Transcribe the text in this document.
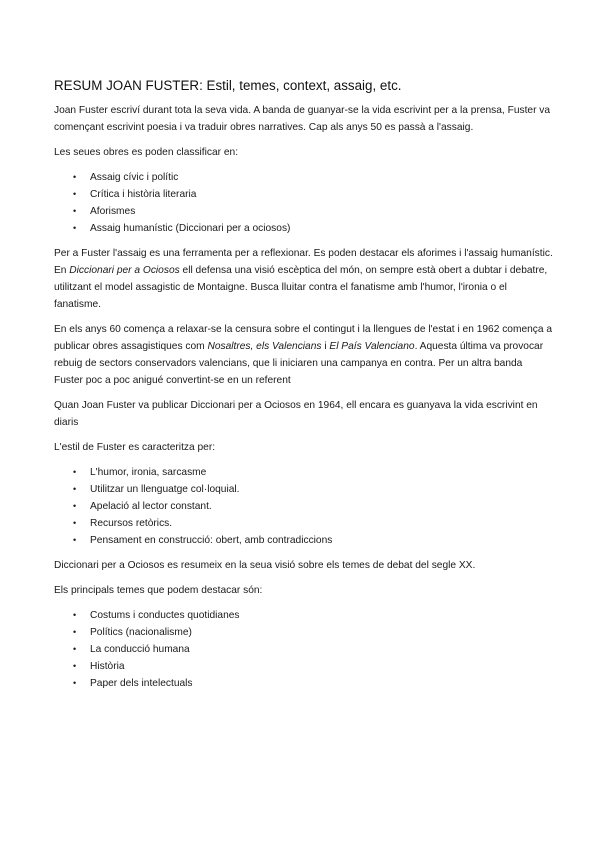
RESUM JOAN FUSTER: Estil, temes, context, assaig, etc.

Joan Fuster escriví durant tota la seva vida. A banda de guanyar-se la vida escrivint per a la prensa, Fuster va començant escrivint poesia i va traduir obres narratives. Cap als anys 50 es passà a l'assaig.

Les seues obres es poden classificar en:

• Assaig cívic i polític
• Crítica i història literaria
• Aforismes
• Assaig humanístic (Diccionari per a ociosos)

Per a Fuster l'assaig es una ferramenta per a reflexionar. Es poden destacar els aforimes i l'assaig humanístic. En Diccionari per a Ociosos ell defensa una visió escèptica del món, on sempre està obert a dubtar i debatre, utilitzant el model assagistic de Montaigne. Busca lluitar contra el fanatisme amb l'humor, l'ironia o el fanatisme.

En els anys 60 comença a relaxar-se la censura sobre el contingut i la llengues de l'estat i en 1962 comença a publicar obres assagistiques com Nosaltres, els Valencians i El País Valenciano. Aquesta última va provocar rebuig de sectors conservadors valencians, que li iniciaren una campanya en contra. Per un altra banda Fuster poc a poc anigué convertint-se en un referent

Quan Joan Fuster va publicar Diccionari per a Ociosos en 1964, ell encara es guanyava la vida escrivint en diaris

L'estil de Fuster es caracteritza per:

• L'humor, ironia, sarcasme
• Utilitzar un llenguatge col·loquial.
• Apelació al lector constant.
• Recursos retòrics.
• Pensament en construcció: obert, amb contradiccions

Diccionari per a Ociosos es resumeix en la seua visió sobre els temes de debat del segle XX.

Els principals temes que podem destacar són:

• Costums i conductes quotidianes
• Polítics (nacionalisme)
• La conducció humana
• Història
• Paper dels intelectuals
